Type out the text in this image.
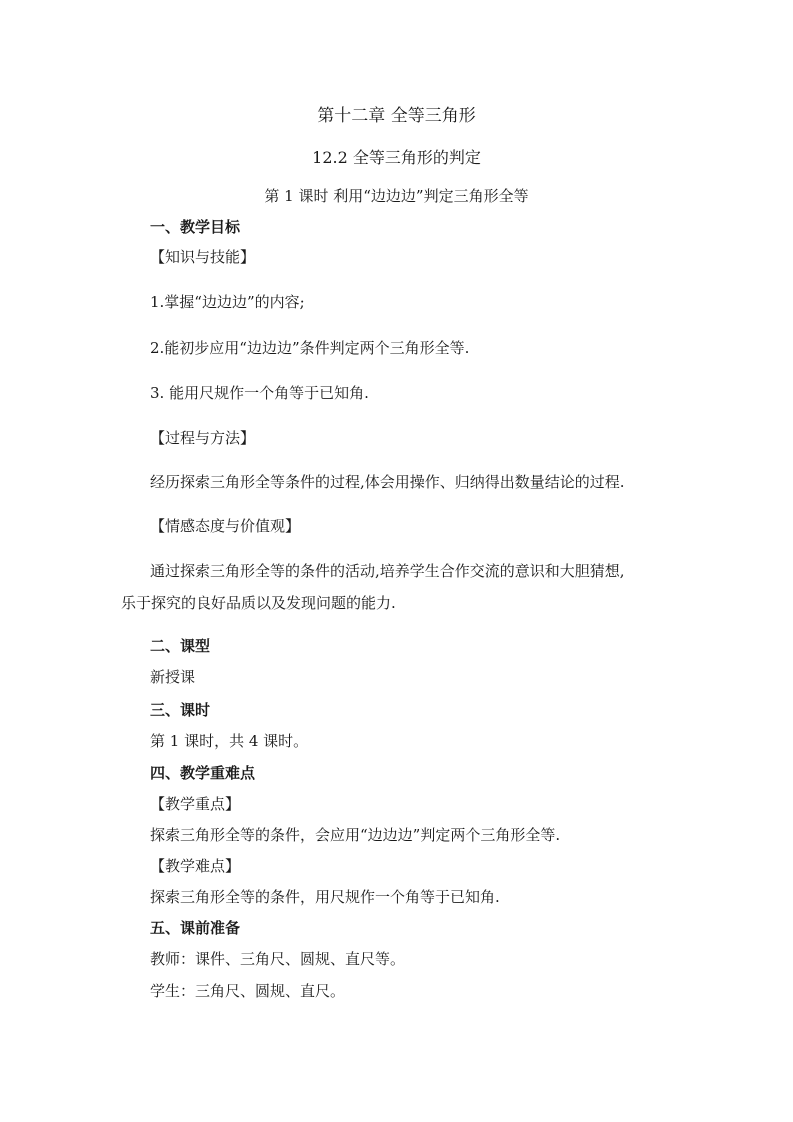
第十二章 全等三角形
12.2 全等三角形的判定
第 1 课时 利用“边边边”判定三角形全等
一、教学目标
【知识与技能】
1.掌握“边边边”的内容;
2.能初步应用“边边边”条件判定两个三角形全等.
3. 能用尺规作一个角等于已知角.
【过程与方法】
经历探索三角形全等条件的过程,体会用操作、归纳得出数量结论的过程.
【情感态度与价值观】
通过探索三角形全等的条件的活动,培养学生合作交流的意识和大胆猜想,
乐于探究的良好品质以及发现问题的能力.
二、课型
新授课
三、课时
第 1 课时，共 4 课时。
四、教学重难点
【教学重点】
探索三角形全等的条件，会应用“边边边”判定两个三角形全等.
【教学难点】
探索三角形全等的条件，用尺规作一个角等于已知角.
五、课前准备
教师：课件、三角尺、圆规、直尺等。
学生：三角尺、圆规、直尺。
